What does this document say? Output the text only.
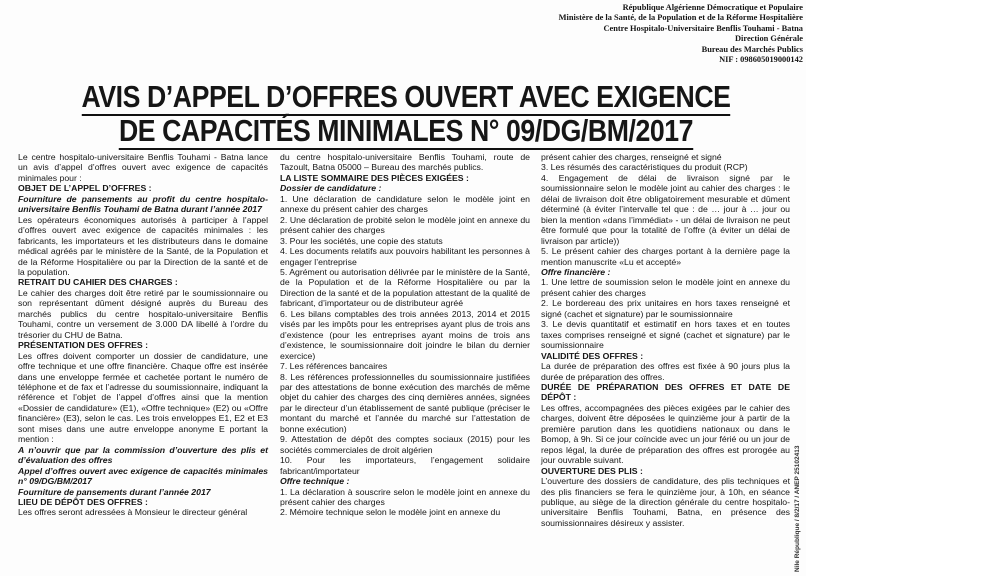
République Algérienne Démocratique et Populaire
Ministère de la Santé, de la Population et de la Réforme Hospitalière
Centre Hospitalo-Universitaire Benflis Touhami - Batna
Direction Générale
Bureau des Marchés Publics
NIF : 098605019000142
AVIS D’APPEL D’OFFRES OUVERT AVEC EXIGENCE
DE CAPACITÉS MINIMALES N° 09/DG/BM/2017

Le centre hospitalo-universitaire Benflis Touhami - Batna lance un avis d’appel d’offres ouvert avec exigence de capacités minimales pour :

OBJET DE L’APPEL D’OFFRES :

Fourniture de pansements au profit du centre hospitalo-universitaire Benflis Touhami de Batna durant l’année 2017

Les opérateurs économiques autorisés à participer à l’appel d’offres ouvert avec exigence de capacités minimales : les fabricants, les importateurs et les distributeurs dans le domaine médical agréés par le ministère de la Santé, de la Population et de la Réforme Hospitalière ou par la Direction de la santé et de la population.

RETRAIT DU CAHIER DES CHARGES :

Le cahier des charges doit être retiré par le soumissionnaire ou son représentant dûment désigné auprès du Bureau des marchés publics du centre hospitalo-universitaire Benflis Touhami, contre un versement de 3.000 DA libellé à l’ordre du trésorier du CHU de Batna.

PRÉSENTATION DES OFFRES :

Les offres doivent comporter un dossier de candidature, une offre technique et une offre financière. Chaque offre est insérée dans une enveloppe fermée et cachetée portant le numéro de téléphone et de fax et l’adresse du soumissionnaire, indiquant la référence et l’objet de l’appel d’offres ainsi que la mention «Dossier de candidature» (E1), «Offre technique» (E2) ou «Offre financière» (E3), selon le cas. Les trois enveloppes E1, E2 et E3 sont mises dans une autre enveloppe anonyme E portant la mention :

A n’ouvrir que par la commission d’ouverture des plis et d’évaluation des offres

Appel d’offres ouvert avec exigence de capacités minimales n° 09/DG/BM/2017

Fourniture de pansements durant l’année 2017

LIEU DE DÉPÔT DES OFFRES :

Les offres seront adressées à Monsieur le directeur général

du centre hospitalo-universitaire Benflis Touhami, route de Tazoult, Batna 05000 – Bureau des marchés publics.

LA LISTE SOMMAIRE DES PIÈCES EXIGÉES :

Dossier de candidature :

1. Une déclaration de candidature selon le modèle joint en annexe du présent cahier des charges

2. Une déclaration de probité selon le modèle joint en annexe du présent cahier des charges

3. Pour les sociétés, une copie des statuts

4. Les documents relatifs aux pouvoirs habilitant les personnes à engager l’entreprise

5. Agrément ou autorisation délivrée par le ministère de la Santé, de la Population et de la Réforme Hospitalière ou par la Direction de la santé et de la population attestant de la qualité de fabricant, d’importateur ou de distributeur agréé

6. Les bilans comptables des trois années 2013, 2014 et 2015 visés par les impôts pour les entreprises ayant plus de trois ans d’existence (pour les entreprises ayant moins de trois ans d’existence, le soumissionnaire doit joindre le bilan du dernier exercice)

7. Les références bancaires

8. Les références professionnelles du soumissionnaire justifiées par des attestations de bonne exécution des marchés de même objet du cahier des charges des cinq dernières années, signées par le directeur d’un établissement de santé publique (préciser le montant du marché et l’année du marché sur l’attestation de bonne exécution)

9. Attestation de dépôt des comptes sociaux (2015) pour les sociétés commerciales de droit algérien

10. Pour les importateurs, l’engagement solidaire fabricant/importateur

Offre technique :

1. La déclaration à souscrire selon le modèle joint en annexe du présent cahier des charges

2. Mémoire technique selon le modèle joint en annexe du

présent cahier des charges, renseigné et signé

3. Les résumés des caractéristiques du produit (RCP)

4. Engagement de délai de livraison signé par le soumissionnaire selon le modèle joint au cahier des charges : le délai de livraison doit être obligatoirement mesurable et dûment déterminé (à éviter l’intervalle tel que : de … jour à … jour ou bien la mention «dans l’immédiat» - un délai de livraison ne peut être formulé que pour la totalité de l’offre (à éviter un délai de livraison par article))

5. Le présent cahier des charges portant à la dernière page la mention manuscrite «Lu et accepté»

Offre financière :

1. Une lettre de soumission selon le modèle joint en annexe du présent cahier des charges

2. Le bordereau des prix unitaires en hors taxes renseigné et signé (cachet et signature) par le soumissionnaire

3. Le devis quantitatif et estimatif en hors taxes et en toutes taxes comprises renseigné et signé (cachet et signature) par le soumissionnaire

VALIDITÉ DES OFFRES :

La durée de préparation des offres est fixée à 90 jours plus la durée de préparation des offres.

DURÉE DE PRÉPARATION DES OFFRES ET DATE DE DÉPÔT :

Les offres, accompagnées des pièces exigées par le cahier des charges, doivent être déposées le quinzième jour à partir de la première parution dans les quotidiens nationaux ou dans le Bomop, à 9h. Si ce jour coïncide avec un jour férié ou un jour de repos légal, la durée de préparation des offres est prorogée au jour ouvrable suivant.

OUVERTURE DES PLIS :

L’ouverture des dossiers de candidature, des plis techniques et des plis financiers se fera le quinzième jour, à 10h, en séance publique, au siège de la direction générale du centre hospitalo-universitaire Benflis Touhami, Batna, en présence des soumissionnaires désireux y assister.	Nile République / 8/2/17 / ANEP 25102413
